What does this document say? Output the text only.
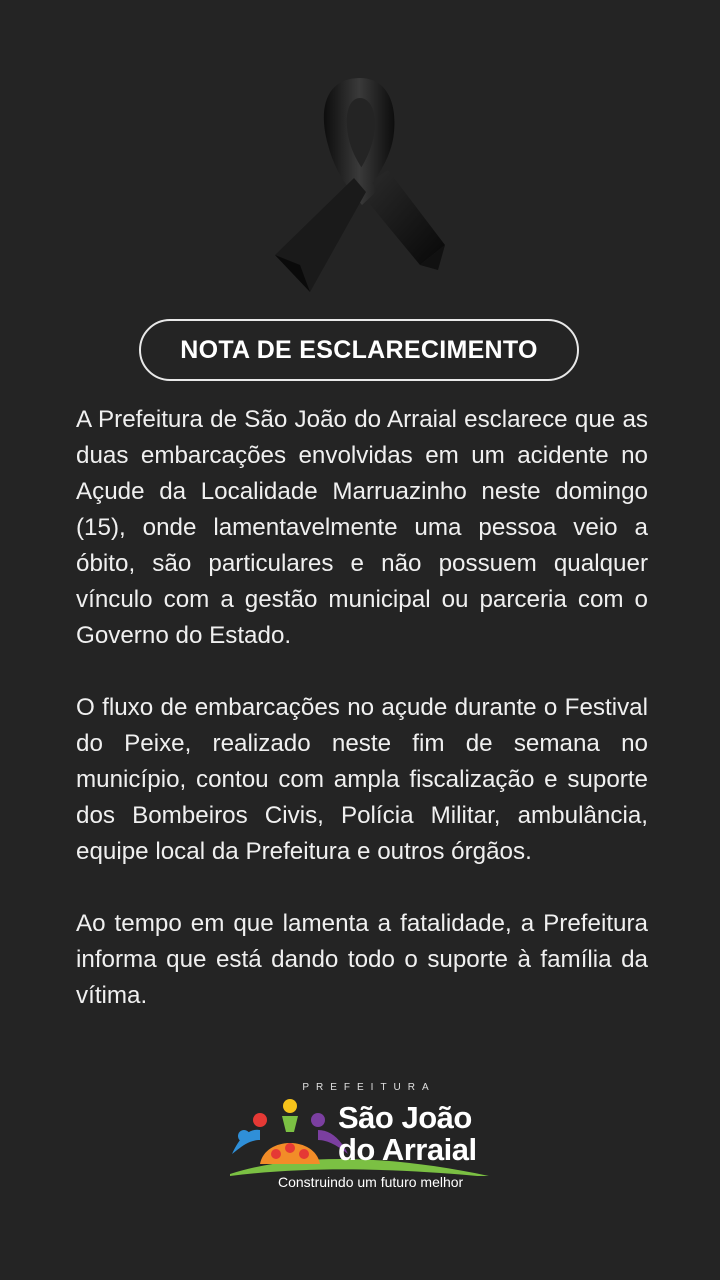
NOTA DE ESCLARECIMENTO

A Prefeitura de São João do Arraial esclarece que as duas embarcações envolvidas em um acidente no Açude da Localidade Marruazinho neste domingo (15), onde lamentavelmente uma pessoa veio a óbito, são particulares e não possuem qualquer vínculo com a gestão municipal ou parceria com o Governo do Estado.

O fluxo de embarcações no açude durante o Festival do Peixe, realizado neste fim de semana no município, contou com ampla fiscalização e suporte dos Bombeiros Civis, Polícia Militar, ambulância, equipe local da Prefeitura e outros órgãos.

Ao tempo em que lamenta a fatalidade, a Prefeitura informa que está dando todo o suporte à família da vítima.

PREFEITURA
São João
do Arraial
Construindo um futuro melhor
